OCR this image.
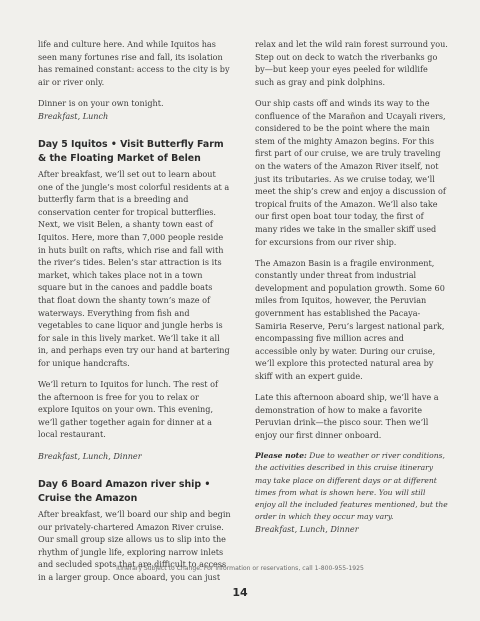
life and culture here. And while Iquitos has seen many fortunes rise and fall, its isolation has remained constant: access to the city is by air or river only.

Dinner is on your own tonight.

Breakfast, Lunch

Day 5 Iquitos • Visit Butterfly Farm & the Floating Market of Belen

After breakfast, we’ll set out to learn about one of the jungle’s most colorful residents at a butterfly farm that is a breeding and conservation center for tropical butterflies. Next, we visit Belen, a shanty town east of Iquitos. Here, more than 7,000 people reside in huts built on rafts, which rise and fall with the river’s tides. Belen’s star attraction is its market, which takes place not in a town square but in the canoes and paddle boats that float down the shanty town’s maze of waterways. Everything from fish and vegetables to cane liquor and jungle herbs is for sale in this lively market. We’ll take it all in, and perhaps even try our hand at bartering for unique handcrafts.

We’ll return to Iquitos for lunch. The rest of the afternoon is free for you to relax or explore Iquitos on your own. This evening, we’ll gather together again for dinner at a local restaurant.

Breakfast, Lunch, Dinner

Day 6 Board Amazon river ship • Cruise the Amazon

After breakfast, we’ll board our ship and begin our privately-chartered Amazon River cruise. Our small group size allows us to slip into the rhythm of jungle life, exploring narrow inlets and secluded spots that are difficult to access in a larger group. Once aboard, you can just

relax and let the wild rain forest surround you. Step out on deck to watch the riverbanks go by—but keep your eyes peeled for wildlife such as gray and pink dolphins.

Our ship casts off and winds its way to the confluence of the Marañon and Ucayali rivers, considered to be the point where the main stem of the mighty Amazon begins. For this first part of our cruise, we are truly traveling on the waters of the Amazon River itself, not just its tributaries. As we cruise today, we’ll meet the ship’s crew and enjoy a discussion of tropical fruits of the Amazon. We’ll also take our first open boat tour today, the first of many rides we take in the smaller skiff used for excursions from our river ship.

The Amazon Basin is a fragile environment, constantly under threat from industrial development and population growth. Some 60 miles from Iquitos, however, the Peruvian government has established the Pacaya-Samiria Reserve, Peru’s largest national park, encompassing five million acres and accessible only by water. During our cruise, we’ll explore this protected natural area by skiff with an expert guide.

Late this afternoon aboard ship, we’ll have a demonstration of how to make a favorite Peruvian drink—the pisco sour. Then we’ll enjoy our first dinner onboard.

Please note: Due to weather or river conditions, the activities described in this cruise itinerary may take place on different days or at different times from what is shown here. You will still enjoy all the included features mentioned, but the order in which they occur may vary.

Breakfast, Lunch, Dinner

Itinerary Subject to Change. For information or reservations, call 1-800-955-1925
14
